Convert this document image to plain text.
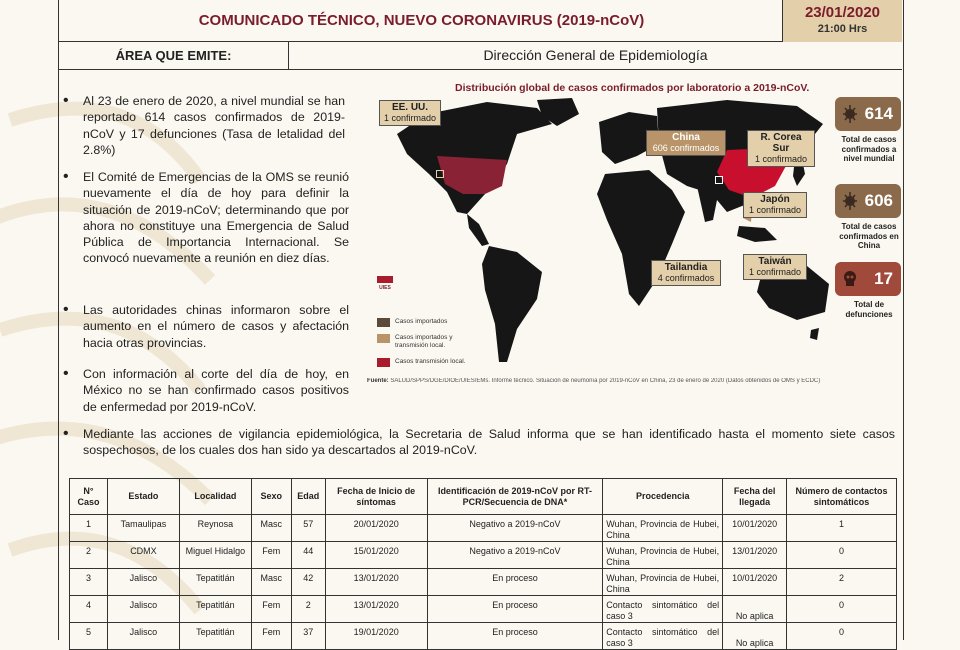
COMUNICADO TÉCNICO, NUEVO CORONAVIRUS (2019-nCoV)	23/01/2020
21:00 Hrs
ÁREA QUE EMITE:	Dirección General de Epidemiología
• Al 23 de enero de 2020, a nivel mundial se han reportado 614 casos confirmados de 2019-nCoV y 17 defunciones (Tasa de letalidad del 2.8%)
• El Comité de Emergencias de la OMS se reunió nuevamente el día de hoy para definir la situación de 2019-nCoV; determinando que por ahora no constituye una Emergencia de Salud Pública de Importancia Internacional. Se convocó nuevamente a reunión en diez días.
• Las autoridades chinas informaron sobre el aumento en el número de casos y afectación hacia otras provincias.
• Con información al corte del día de hoy, en México no se han confirmado casos positivos de enfermedad por 2019-nCoV.
• Mediante las acciones de vigilancia epidemiológica, la Secretaria de Salud informa que se han identificado hasta el momento siete casos sospechosos, de los cuales dos han sido ya descartados al 2019-nCoV.
Distribución global de casos confirmados por laboratorio a 2019-nCoV.
EE. UU.
1 confirmado
China
606 confirmados
R. Corea Sur
1 confirmado
Japón
1 confirmado
Tailandia
4 confirmados
Taiwán
1 confirmado
UIES
Casos importados
Casos importados y transmisión local.
Casos transmisión local.
Fuente: SALUD/SPPS/DGE/DIOE/UIES/EMs. Informe técnico. Situación de neumonía por 2019-nCoV en China, 23 de enero de 2020 (Datos obtenidos de OMS y ECDC)
614
Total de casos confirmados a nivel mundial
606
Total de casos confirmados en China
17
Total de defunciones
N° Caso	Estado	Localidad	Sexo	Edad	Fecha de Inicio de síntomas	Identificación de 2019-nCoV por RT-PCR/Secuencia de DNA*	Procedencia	Fecha del llegada	Número de contactos sintomáticos
1	Tamaulipas	Reynosa	Masc	57	20/01/2020	Negativo a 2019-nCoV	Wuhan, Provincia de Hubei, China	10/01/2020	1
2	CDMX	Miguel Hidalgo	Fem	44	15/01/2020	Negativo a 2019-nCoV	Wuhan, Provincia de Hubei, China	13/01/2020	0
3	Jalisco	Tepatitlán	Masc	42	13/01/2020	En proceso	Wuhan, Provincia de Hubei, China	10/01/2020	2
4	Jalisco	Tepatitlán	Fem	2	13/01/2020	En proceso	Contacto sintomático del caso 3	No aplica	0
5	Jalisco	Tepatitlán	Fem	37	19/01/2020	En proceso	Contacto sintomático del caso 3	No aplica	0
